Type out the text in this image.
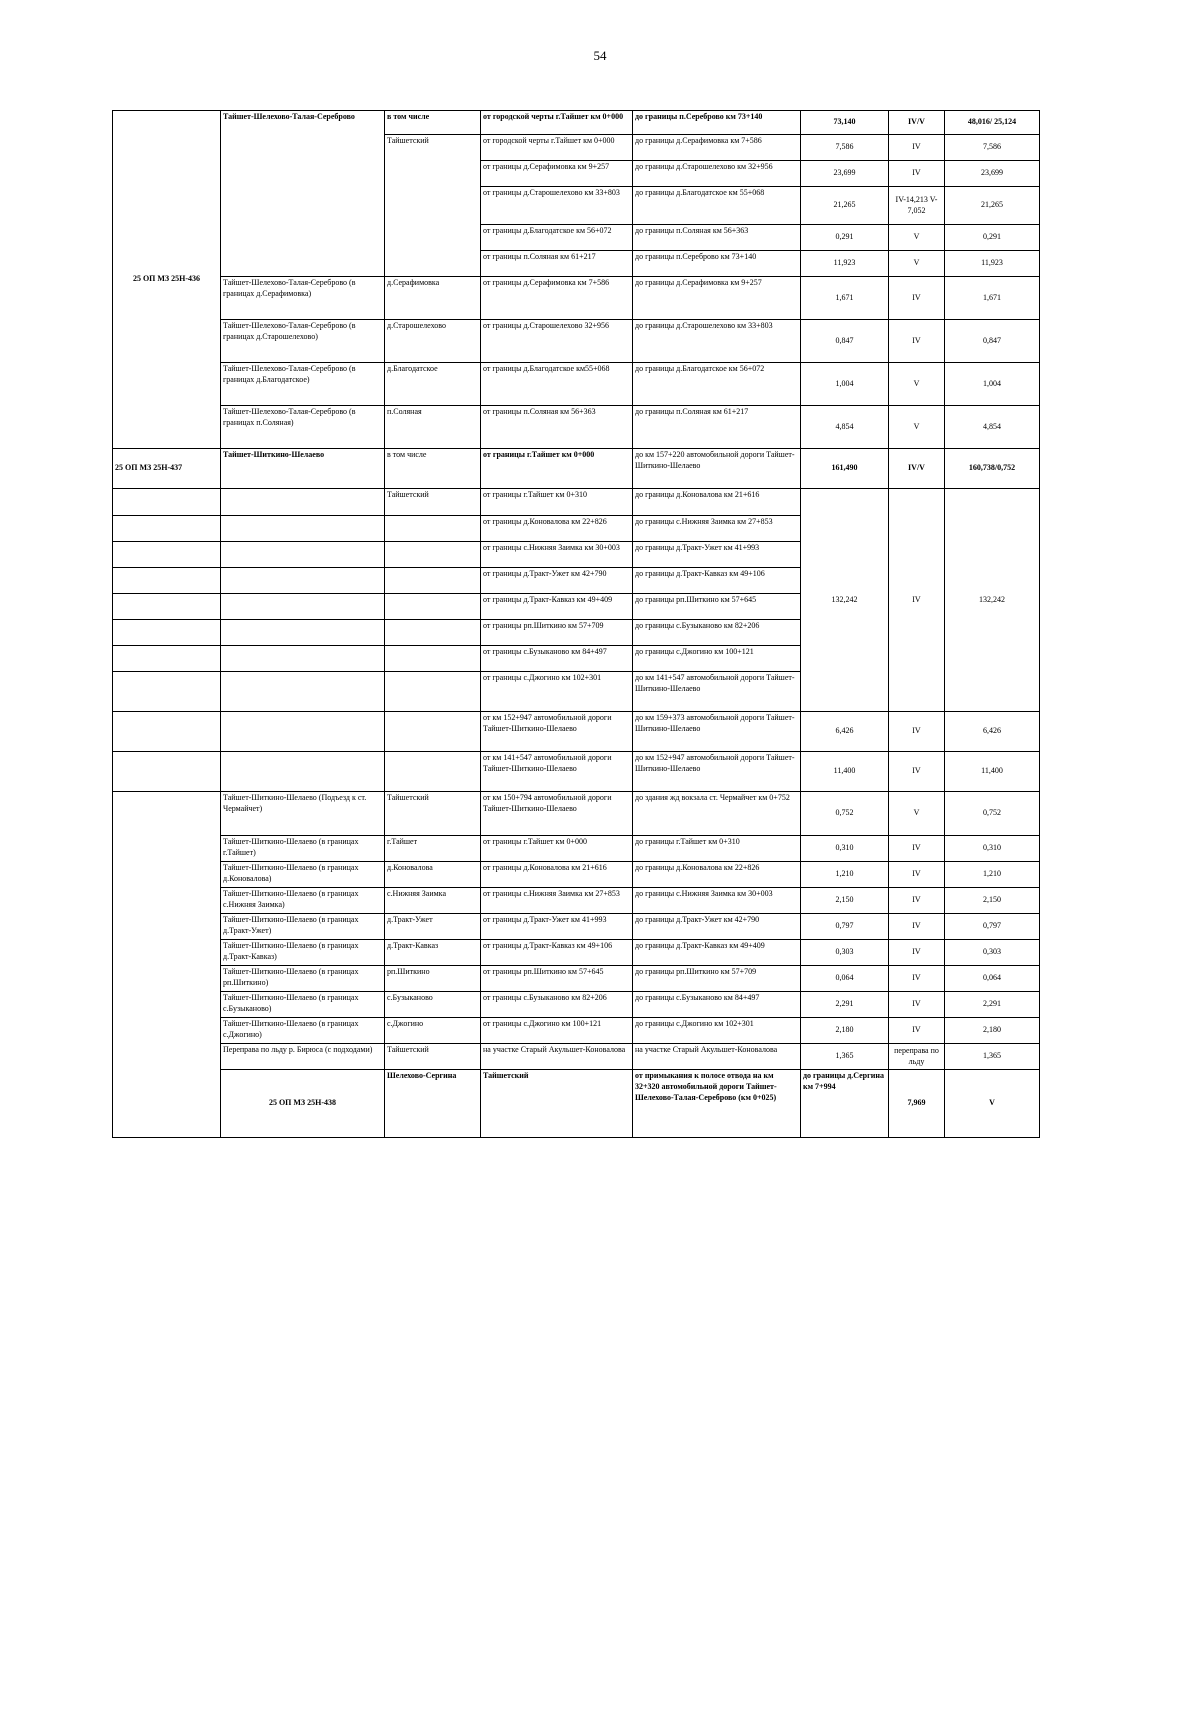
54
25 ОП МЗ 25Н-436	Тайшет-Шелехово-Талая-Сереброво	в том числе	от городской черты г.Тайшет км 0+000	до границы п.Сереброво км 73+140	73,140	IV/V	48,016/ 25,124	
		Тайшетский	от городской черты г.Тайшет км 0+000	до границы д.Серафимовка км 7+586	7,586	IV	7,586	
			от границы д.Серафимовка км 9+257	до границы д.Старошелехово км 32+956	23,699	IV	23,699	
			от границы д.Старошелехово км 33+803	до границы д.Благодатское км 55+068	21,265	IV-14,213 V-7,052	21,265	
			от границы д.Благодатское км 56+072	до границы п.Соляная км 56+363	0,291	V	0,291	
			от границы п.Соляная км 61+217	до границы п.Сереброво км 73+140	11,923	V	11,923	
	Тайшет-Шелехово-Талая-Сереброво (в границах д.Серафимовка)	д.Серафимовка	от границы д.Серафимовка км 7+586	до границы д.Серафимовка км 9+257	1,671	IV	1,671	
	Тайшет-Шелехово-Талая-Сереброво (в границах д.Старошелехово)	д.Старошелехово	от границы д.Старошелехово 32+956	до границы д.Старошелехово км 33+803	0,847	IV	0,847	
	Тайшет-Шелехово-Талая-Сереброво (в границах д.Благодатское)	д.Благодатское	от границы д.Благодатское км55+068	до границы д.Благодатское км 56+072	1,004	V	1,004	
	Тайшет-Шелехово-Талая-Сереброво (в границах п.Соляная)	п.Соляная	от границы п.Соляная км 56+363	до границы п.Соляная км 61+217	4,854	V	4,854	
25 ОП МЗ 25Н-437	Тайшет-Шиткино-Шелаево	в том числе	от границы г.Тайшет км 0+000	до км 157+220 автомобильной дороги Тайшет-Шиткино-Шелаево	161,490	IV/V	160,738/0,752	
		Тайшетский	от границы г.Тайшет км 0+310	до границы д.Коновалова км 21+616	132,242	IV	132,242	
			от границы д.Коновалова км 22+826	до границы с.Нижняя Заимка км 27+853				
			от границы с.Нижняя Заимка км 30+003	до границы д.Тракт-Ужет км 41+993				
			от границы д.Тракт-Ужет км 42+790	до границы д.Тракт-Кавказ км 49+106				
			от границы д.Тракт-Кавказ км 49+409	до границы рп.Шиткино км 57+645				
			от границы рп.Шиткино км 57+709	до границы с.Бузыканово км 82+206				
			от границы с.Бузыканово км 84+497	до границы с.Джогино км 100+121				
			от границы с.Джогино км 102+301	до км 141+547 автомобильной дороги Тайшет-Шиткино-Шелаево				
			от км 152+947 автомобильной дороги Тайшет-Шиткино-Шелаево	до км 159+373 автомобильной дороги Тайшет-Шиткино-Шелаево	6,426	IV	6,426	
			от км 141+547 автомобильной дороги Тайшет-Шиткино-Шелаево	до км 152+947 автомобильной дороги Тайшет-Шиткино-Шелаево	11,400	IV	11,400	
	Тайшет-Шиткино-Шелаево (Подъезд к ст. Чермайчет)	Тайшетский	от км 150+794 автомобильной дороги Тайшет-Шиткино-Шелаево	до здания жд вокзала ст. Чермайчет км 0+752	0,752	V	0,752	
	Тайшет-Шиткино-Шелаево (в границах г.Тайшет)	г.Тайшет	от границы г.Тайшет км 0+000	до границы г.Тайшет км 0+310	0,310	IV	0,310	
	Тайшет-Шиткино-Шелаево (в границах д.Коновалова)	д.Коновалова	от границы д.Коновалова км 21+616	до границы д.Коновалова км 22+826	1,210	IV	1,210	
	Тайшет-Шиткино-Шелаево (в границах с.Нижняя Заимка)	с.Нижняя Заимка	от границы с.Нижняя Заимка км 27+853	до границы с.Нижняя Заимка км 30+003	2,150	IV	2,150	
	Тайшет-Шиткино-Шелаево (в границах д.Тракт-Ужет)	д.Тракт-Ужет	от границы д.Тракт-Ужет км 41+993	до границы д.Тракт-Ужет км 42+790	0,797	IV	0,797	
	Тайшет-Шиткино-Шелаево (в границах д.Тракт-Кавказ)	д.Тракт-Кавказ	от границы д.Тракт-Кавказ км 49+106	до границы д.Тракт-Кавказ км 49+409	0,303	IV	0,303	
	Тайшет-Шиткино-Шелаево (в границах рп.Шиткино)	рп.Шиткино	от границы рп.Шиткино км 57+645	до границы рп.Шиткино км 57+709	0,064	IV	0,064	
	Тайшет-Шиткино-Шелаево (в границах с.Бузыканово)	с.Бузыканово	от границы с.Бузыканово км 82+206	до границы с.Бузыканово км 84+497	2,291	IV	2,291	
	Тайшет-Шиткино-Шелаево (в границах с.Джогино)	с.Джогино	от границы с.Джогино км 100+121	до границы с.Джогино км 102+301	2,180	IV	2,180	
	Переправа по льду р. Бирюса (с подходами)	Тайшетский	на участке Старый Акульшет-Коновалова	на участке Старый Акульшет-Коновалова	1,365	переправа по льду	1,365	
	25 ОП МЗ 25Н-438	Шелехово-Сергина	Тайшетский	от примыкания к полосе отвода на км 32+320 автомобильной дороги Тайшет-Шелехово-Талая-Сереброво (км 0+025)	до границы д.Сергина км 7+994	7,969	V	
